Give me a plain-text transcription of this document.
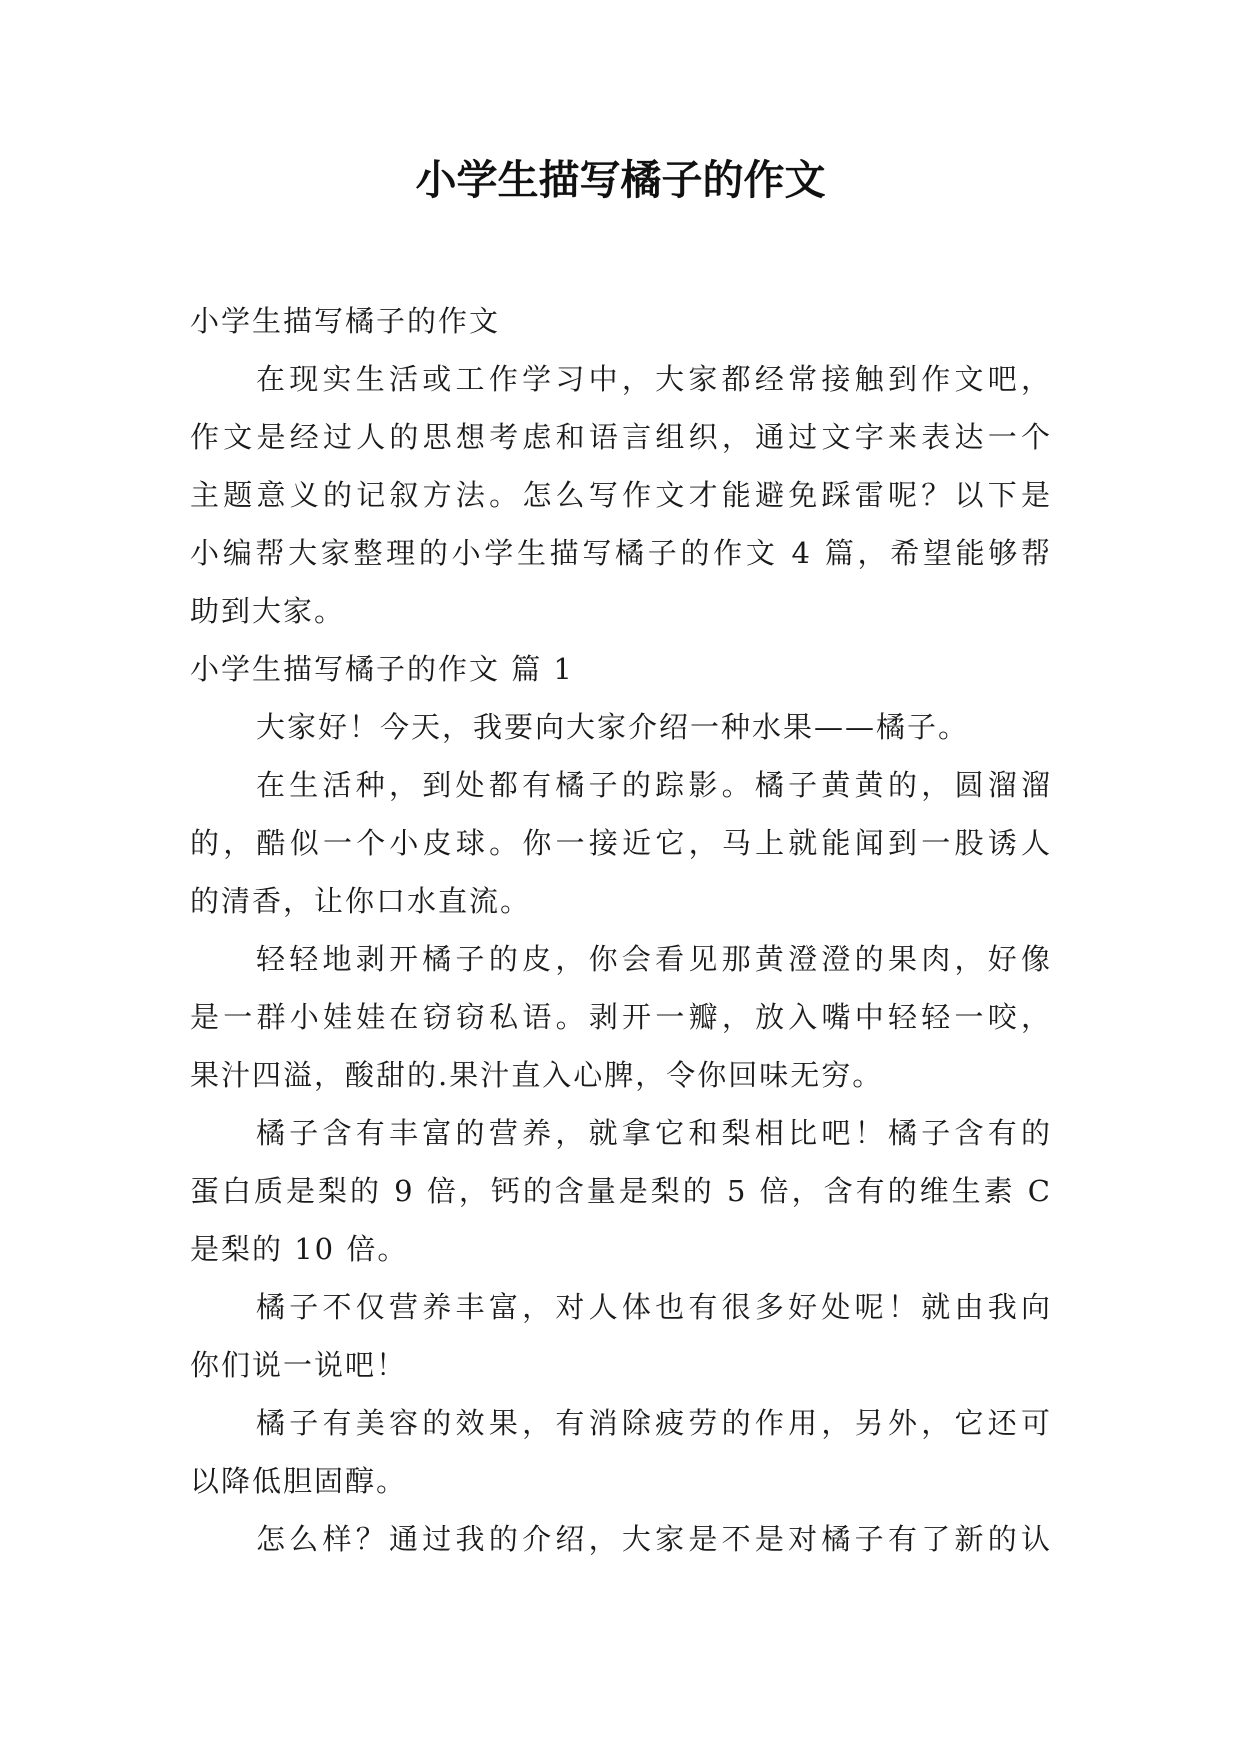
小学生描写橘子的作文
小学生描写橘子的作文
在现实生活或工作学习中，大家都经常接触到作文吧，
作文是经过人的思想考虑和语言组织，通过文字来表达一个
主题意义的记叙方法。怎么写作文才能避免踩雷呢？以下是
小编帮大家整理的小学生描写橘子的作文 4 篇，希望能够帮
助到大家。
小学生描写橘子的作文 篇 1
大家好！今天，我要向大家介绍一种水果——橘子。
在生活种，到处都有橘子的踪影。橘子黄黄的，圆溜溜
的，酷似一个小皮球。你一接近它，马上就能闻到一股诱人
的清香，让你口水直流。
轻轻地剥开橘子的皮，你会看见那黄澄澄的果肉，好像
是一群小娃娃在窃窃私语。剥开一瓣，放入嘴中轻轻一咬，
果汁四溢，酸甜的.果汁直入心脾，令你回味无穷。
橘子含有丰富的营养，就拿它和梨相比吧！橘子含有的
蛋白质是梨的 9 倍，钙的含量是梨的 5 倍，含有的维生素 C
是梨的 10 倍。
橘子不仅营养丰富，对人体也有很多好处呢！就由我向
你们说一说吧！
橘子有美容的效果，有消除疲劳的作用，另外，它还可
以降低胆固醇。
怎么样？通过我的介绍，大家是不是对橘子有了新的认
